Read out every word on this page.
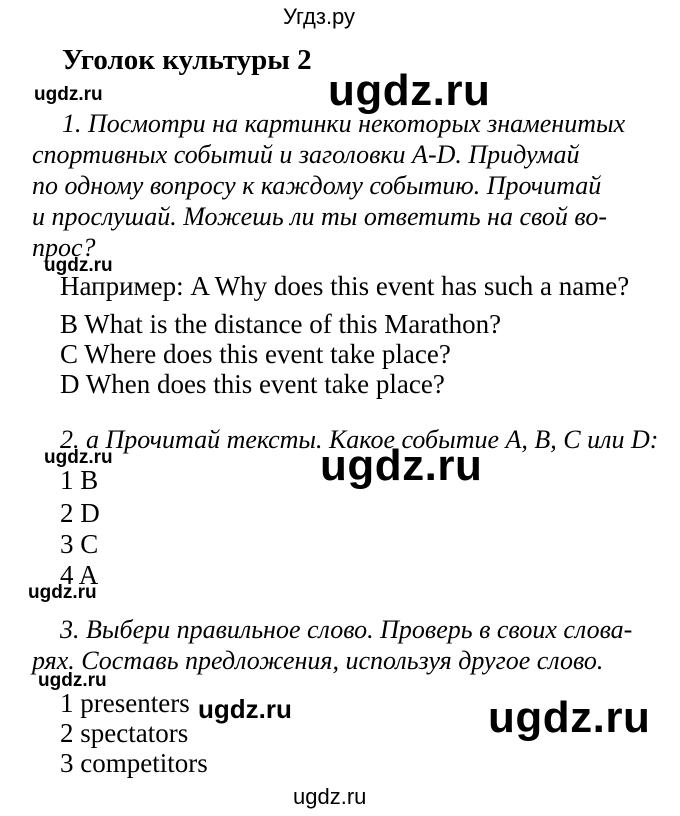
Угдз.ру
Уголок культуры 2
ugdz.ru	ugdz.ru
ugdz.ru
ugdz.ru	ugdz.ru
ugdz.ru
ugdz.ru
ugdz.ru	ugdz.ru
1. Посмотри на картинки некоторых знаменитых
спортивных событий и заголовки A-D. Придумай
по одному вопросу к каждому событию. Прочитай
и прослушай. Можешь ли ты ответить на свой во-
прос?
Например: A Why does this event has such a name?
B What is the distance of this Marathon?
C Where does this event take place?
D When does this event take place?
2. а Прочитай тексты. Какое событие A, B, C или D:
1 B
2 D
3 C
4 A
3. Выбери правильное слово. Проверь в своих слова-
рях. Составь предложения, используя другое слово.
1 presenters
2 spectators
3 competitors
ugdz.ru
